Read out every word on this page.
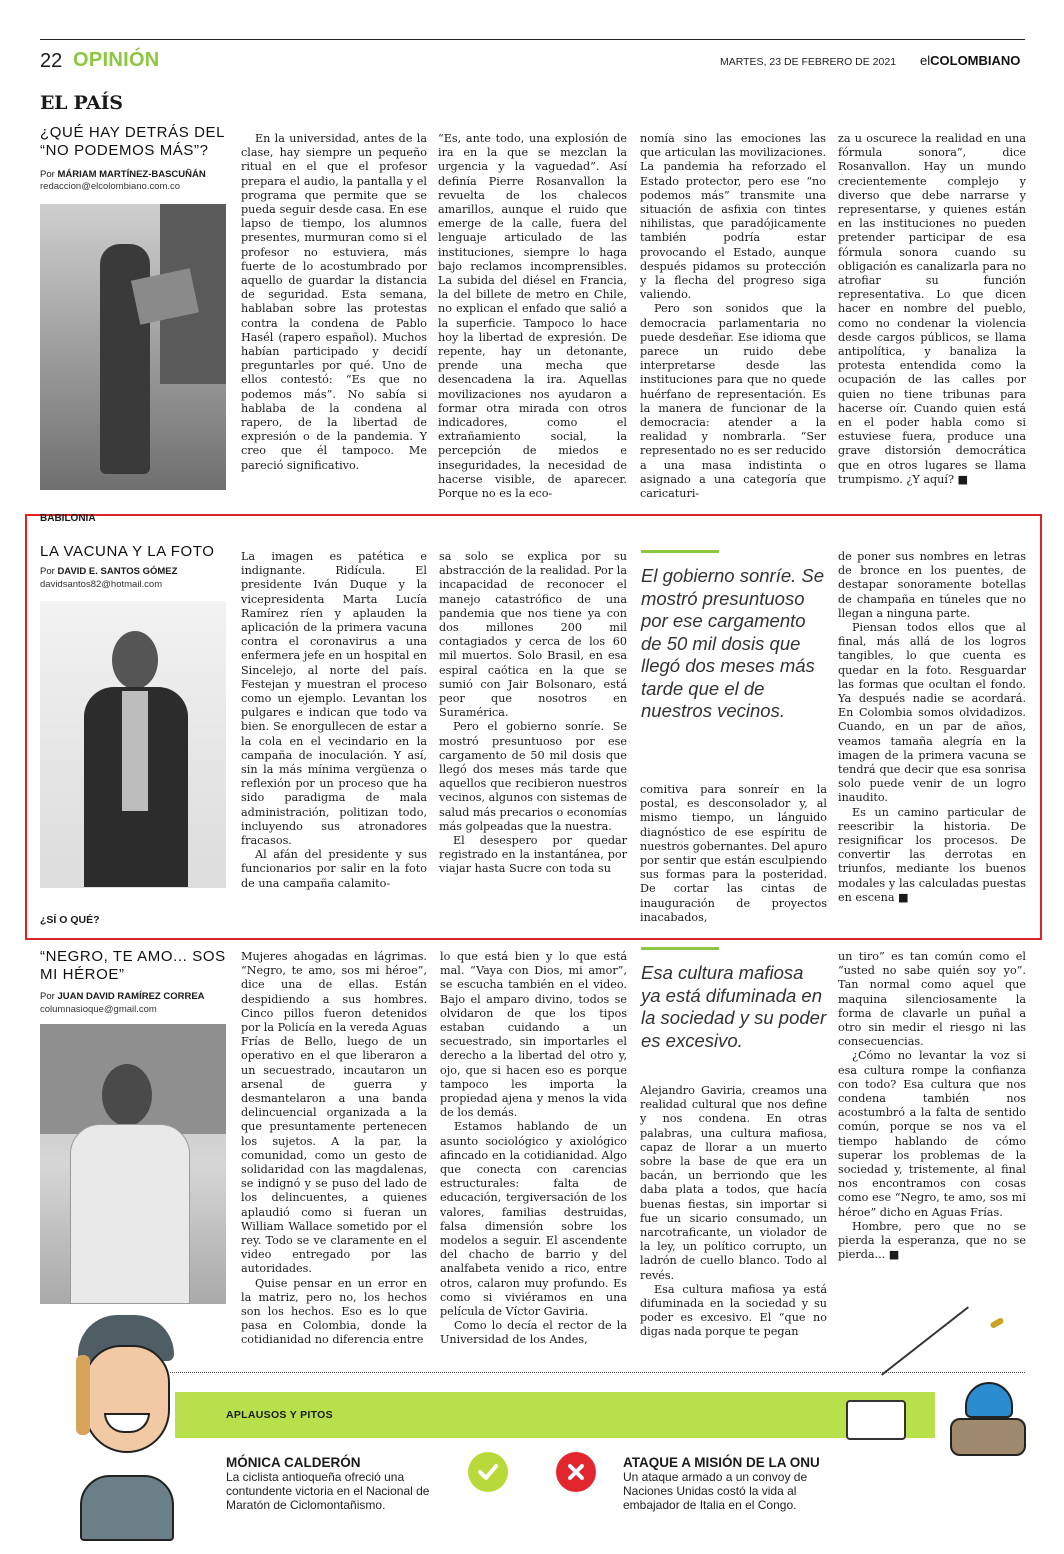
22 OPINIÓN	MARTES, 23 DE FEBRERO DE 2021 elCOLOMBIANO
EL PAÍS
¿QUÉ HAY DETRÁS DEL “NO PODEMOS MÁS”?
Por MÁRIAM MARTÍNEZ-BASCUÑÁN
redaccion@elcolombiano.com.co

En la universidad, antes de la clase, hay siempre un pequeño ritual en el que el profesor prepara el audio, la pantalla y el programa que permite que se pueda seguir desde casa. En ese lapso de tiempo, los alumnos presentes, murmuran como si el profesor no estuviera, más fuerte de lo acostumbrado por aquello de guardar la distancia de seguridad. Esta semana, hablaban sobre las protestas contra la condena de Pablo Hasél (rapero español). Muchos habían participado y decidí preguntarles por qué. Uno de ellos contestó: “Es que no podemos más”. No sabía si hablaba de la condena al rapero, de la libertad de expresión o de la pandemia. Y creo que él tampoco. Me pareció significativo.

“Es, ante todo, una explosión de ira en la que se mezclan la urgencia y la vaguedad”. Así definía Pierre Rosanvallon la revuelta de los chalecos amarillos, aunque el ruido que emerge de la calle, fuera del lenguaje articulado de las instituciones, siempre lo haga bajo reclamos incomprensibles. La subida del diésel en Francia, la del billete de metro en Chile, no explican el enfado que salió a la superficie. Tampoco lo hace hoy la libertad de expresión. De repente, hay un detonante, prende una mecha que desencadena la ira. Aquellas movilizaciones nos ayudaron a formar otra mirada con otros indicadores, como el extrañamiento social, la percepción de miedos e inseguridades, la necesidad de hacerse visible, de aparecer. Porque no es la eco-

nomía sino las emociones las que articulan las movilizaciones. La pandemia ha reforzado el Estado protector, pero ese “no podemos más” transmite una situación de asfixia con tintes nihilistas, que paradójicamente también podría estar provocando el Estado, aunque después pidamos su protección y la flecha del progreso siga valiendo.

Pero son sonidos que la democracia parlamentaria no puede desdeñar. Ese idioma que parece un ruido debe interpretarse desde las instituciones para que no quede huérfano de representación. Es la manera de funcionar de la democracia: atender a la realidad y nombrarla. “Ser representado no es ser reducido a una masa indistinta o asignado a una categoría que caricaturi-

za u oscurece la realidad en una fórmula sonora”, dice Rosanvallon. Hay un mundo crecientemente complejo y diverso que debe narrarse y representarse, y quienes están en las instituciones no pueden pretender participar de esa fórmula sonora cuando su obligación es canalizarla para no atrofiar su función representativa. Lo que dicen hacer en nombre del pueblo, como no condenar la violencia desde cargos públicos, se llama antipolítica, y banaliza la protesta entendida como la ocupación de las calles por quien no tiene tribunas para hacerse oír. Cuando quien está en el poder habla como si estuviese fuera, produce una grave distorsión democrática que en otros lugares se llama trumpismo. ¿Y aquí? ■

BABILONIA
LA VACUNA Y LA FOTO
Por DAVID E. SANTOS GÓMEZ
davidsantos82@hotmail.com

La imagen es patética e indignante. Ridícula. El presidente Iván Duque y la vicepresidenta Marta Lucía Ramírez ríen y aplauden la aplicación de la primera vacuna contra el coronavirus a una enfermera jefe en un hospital en Sincelejo, al norte del país. Festejan y muestran el proceso como un ejemplo. Levantan los pulgares e indican que todo va bien. Se enorgullecen de estar a la cola en el vecindario en la campaña de inoculación. Y así, sin la más mínima vergüenza o reflexión por un proceso que ha sido paradigma de mala administración, politizan todo, incluyendo sus atronadores fracasos.

Al afán del presidente y sus funcionarios por salir en la foto de una campaña calamito-

sa solo se explica por su abstracción de la realidad. Por la incapacidad de reconocer el manejo catastrófico de una pandemia que nos tiene ya con dos millones 200 mil contagiados y cerca de los 60 mil muertos. Solo Brasil, en esa espiral caótica en la que se sumió con Jair Bolsonaro, está peor que nosotros en Suramérica.

Pero el gobierno sonríe. Se mostró presuntuoso por ese cargamento de 50 mil dosis que llegó dos meses más tarde que aquellos que recibieron nuestros vecinos, algunos con sistemas de salud más precarios o economías más golpeadas que la nuestra.

El desespero por quedar registrado en la instantánea, por viajar hasta Sucre con toda su

El gobierno sonríe. Se mostró presuntuoso por ese cargamento de 50 mil dosis que llegó dos meses más tarde que el de nuestros vecinos.

comitiva para sonreír en la postal, es desconsolador y, al mismo tiempo, un lánguido diagnóstico de ese espíritu de nuestros gobernantes. Del apuro por sentir que están esculpiendo sus formas para la posteridad. De cortar las cintas de inauguración de proyectos inacabados,

de poner sus nombres en letras de bronce en los puentes, de destapar sonoramente botellas de champaña en túneles que no llegan a ninguna parte.

Piensan todos ellos que al final, más allá de los logros tangibles, lo que cuenta es quedar en la foto. Resguardar las formas que ocultan el fondo. Ya después nadie se acordará. En Colombia somos olvidadizos. Cuando, en un par de años, veamos tamaña alegría en la imagen de la primera vacuna se tendrá que decir que esa sonrisa solo puede venir de un logro inaudito.

Es un camino particular de reescribir la historia. De resignificar los procesos. De convertir las derrotas en triunfos, mediante los buenos modales y las calculadas puestas en escena ■

¿SÍ O QUÉ?
“NEGRO, TE AMO... SOS MI HÉROE”
Por JUAN DAVID RAMÍREZ CORREA
columnasioque@gmail.com

Mujeres ahogadas en lágrimas. “Negro, te amo, sos mi héroe”, dice una de ellas. Están despidiendo a sus hombres. Cinco pillos fueron detenidos por la Policía en la vereda Aguas Frías de Bello, luego de un operativo en el que liberaron a un secuestrado, incautaron un arsenal de guerra y desmantelaron a una banda delincuencial organizada a la que presuntamente pertenecen los sujetos. A la par, la comunidad, como un gesto de solidaridad con las magdalenas, se indignó y se puso del lado de los delincuentes, a quienes aplaudió como si fueran un William Wallace sometido por el rey. Todo se ve claramente en el video entregado por las autoridades.

Quise pensar en un error en la matriz, pero no, los hechos son los hechos. Eso es lo que pasa en Colombia, donde la cotidianidad no diferencia entre

lo que está bien y lo que está mal. “Vaya con Dios, mi amor”, se escucha también en el video. Bajo el amparo divino, todos se olvidaron de que los tipos estaban cuidando a un secuestrado, sin importarles el derecho a la libertad del otro y, ojo, que si hacen eso es porque tampoco les importa la propiedad ajena y menos la vida de los demás.

Estamos hablando de un asunto sociológico y axiológico afincado en la cotidianidad. Algo que conecta con carencias estructurales: falta de educación, tergiversación de los valores, familias destruidas, falsa dimensión sobre los modelos a seguir. El ascendente del chacho de barrio y del analfabeta venido a rico, entre otros, calaron muy profundo. Es como si viviéramos en una película de Víctor Gaviria.

Como lo decía el rector de la Universidad de los Andes,

Esa cultura mafiosa ya está difuminada en la sociedad y su poder es excesivo.

Alejandro Gaviria, creamos una realidad cultural que nos define y nos condena. En otras palabras, una cultura mafiosa, capaz de llorar a un muerto sobre la base de que era un bacán, un berriondo que les daba plata a todos, que hacía buenas fiestas, sin importar si fue un sicario consumado, un narcotraficante, un violador de la ley, un político corrupto, un ladrón de cuello blanco. Todo al revés.

Esa cultura mafiosa ya está difuminada en la sociedad y su poder es excesivo. El “que no digas nada porque te pegan

un tiro” es tan común como el “usted no sabe quién soy yo”. Tan normal como aquel que maquina silenciosamente la forma de clavarle un puñal a otro sin medir el riesgo ni las consecuencias.

¿Cómo no levantar la voz si esa cultura rompe la confianza con todo? Esa cultura que nos condena también nos acostumbró a la falta de sentido común, porque se nos va el tiempo hablando de cómo superar los problemas de la sociedad y, tristemente, al final nos encontramos con cosas como ese “Negro, te amo, sos mi héroe” dicho en Aguas Frías.

Hombre, pero que no se pierda la esperanza, que no se pierda... ■

APLAUSOS Y PITOS
MÓNICA CALDERÓN
La ciclista antioqueña ofreció una contundente victoria en el Nacional de Maratón de Ciclomontañismo.
ATAQUE A MISIÓN DE LA ONU
Un ataque armado a un convoy de Naciones Unidas costó la vida al embajador de Italia en el Congo.
